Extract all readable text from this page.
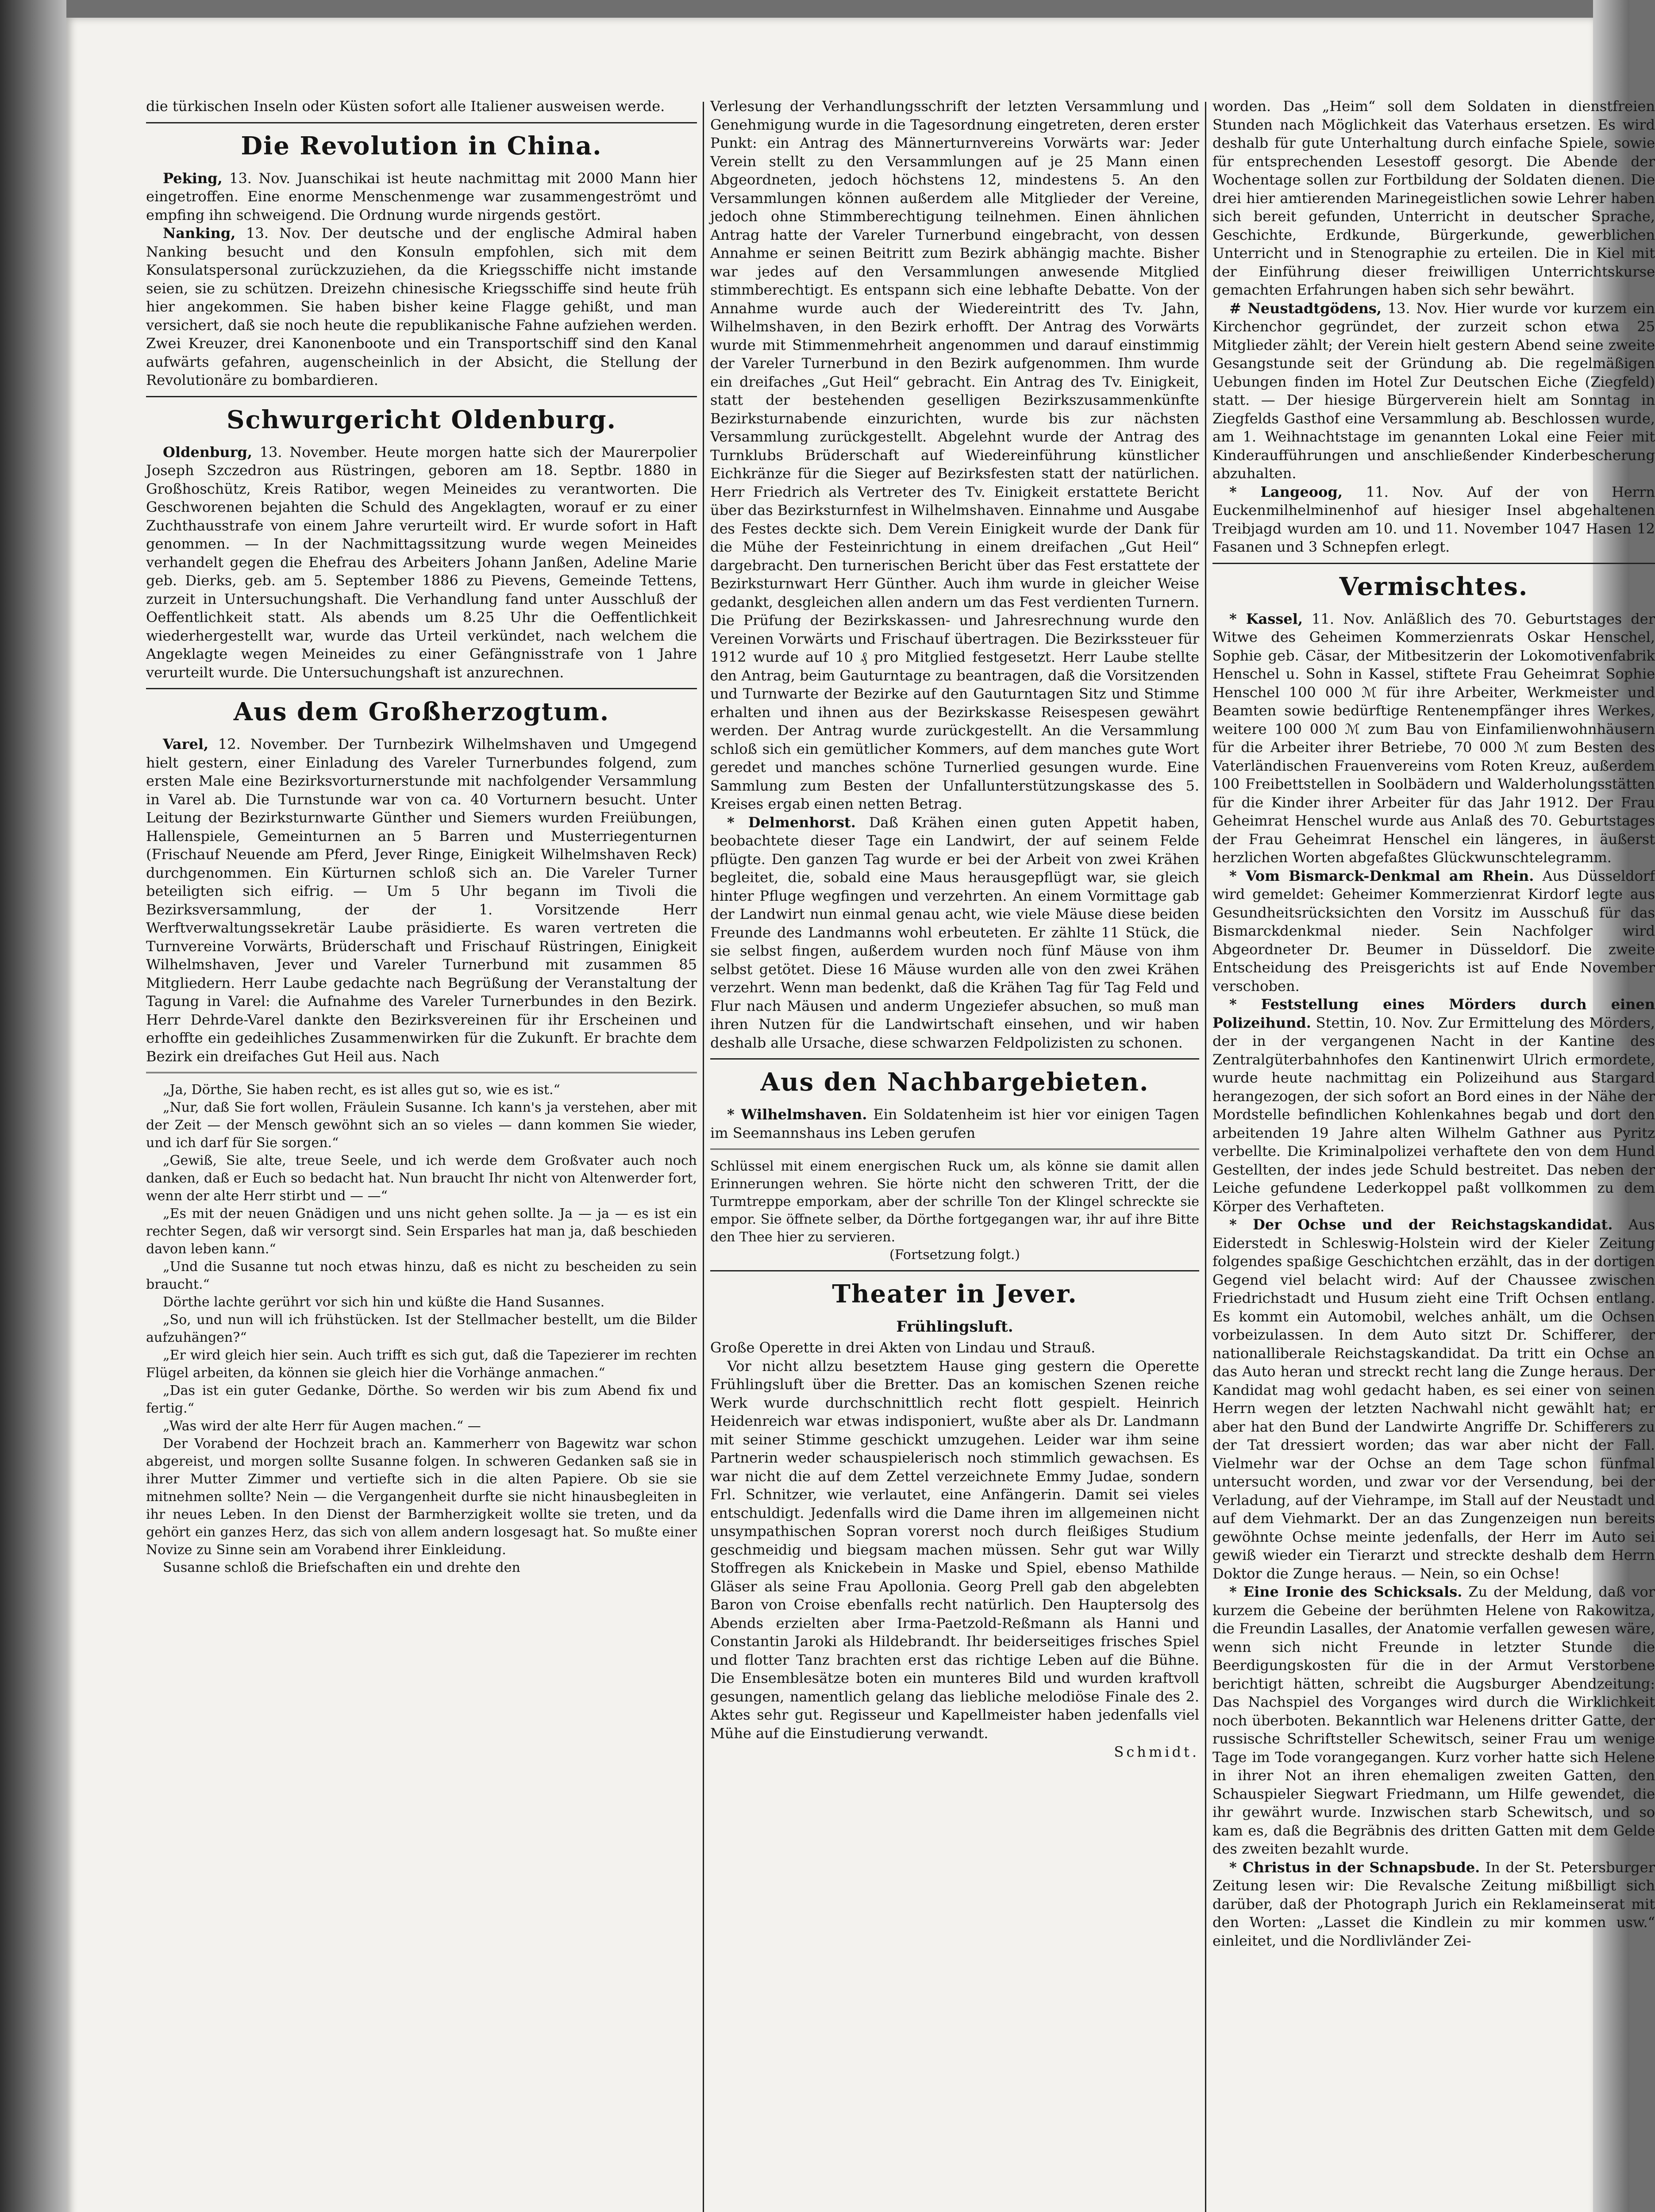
die türkischen Inseln oder Küsten sofort alle Italiener ausweisen werde.

Die Revolution in China.

Peking, 13. Nov. Juanschikai ist heute nachmittag mit 2000 Mann hier eingetroffen. Eine enorme Menschenmenge war zusammengeströmt und empfing ihn schweigend. Die Ordnung wurde nirgends gestört.

Nanking, 13. Nov. Der deutsche und der englische Admiral haben Nanking besucht und den Konsuln empfohlen, sich mit dem Konsulatspersonal zurückzuziehen, da die Kriegsschiffe nicht imstande seien, sie zu schützen. Dreizehn chinesische Kriegsschiffe sind heute früh hier angekommen. Sie haben bisher keine Flagge gehißt, und man versichert, daß sie noch heute die republikanische Fahne aufziehen werden. Zwei Kreuzer, drei Kanonenboote und ein Transportschiff sind den Kanal aufwärts gefahren, augenscheinlich in der Absicht, die Stellung der Revolutionäre zu bombardieren.

Schwurgericht Oldenburg.

Oldenburg, 13. November. Heute morgen hatte sich der Maurerpolier Joseph Szczedron aus Rüstringen, geboren am 18. Septbr. 1880 in Großhoschütz, Kreis Ratibor, wegen Meineides zu verantworten. Die Geschworenen bejahten die Schuld des Angeklagten, worauf er zu einer Zuchthausstrafe von einem Jahre verurteilt wird. Er wurde sofort in Haft genommen. — In der Nachmittagssitzung wurde wegen Meineides verhandelt gegen die Ehefrau des Arbeiters Johann Janßen, Adeline Marie geb. Dierks, geb. am 5. September 1886 zu Pievens, Gemeinde Tettens, zurzeit in Untersuchungshaft. Die Verhandlung fand unter Ausschluß der Oeffentlichkeit statt. Als abends um 8.25 Uhr die Oeffentlichkeit wiederhergestellt war, wurde das Urteil verkündet, nach welchem die Angeklagte wegen Meineides zu einer Gefängnisstrafe von 1 Jahre verurteilt wurde. Die Untersuchungshaft ist anzurechnen.

Aus dem Großherzogtum.

Varel, 12. November. Der Turnbezirk Wilhelmshaven und Umgegend hielt gestern, einer Einladung des Vareler Turnerbundes folgend, zum ersten Male eine Bezirksvorturnerstunde mit nachfolgender Versammlung in Varel ab. Die Turnstunde war von ca. 40 Vorturnern besucht. Unter Leitung der Bezirksturnwarte Günther und Siemers wurden Freiübungen, Hallenspiele, Gemeinturnen an 5 Barren und Musterriegenturnen (Frischauf Neuende am Pferd, Jever Ringe, Einigkeit Wilhelmshaven Reck) durchgenommen. Ein Kürturnen schloß sich an. Die Vareler Turner beteiligten sich eifrig. — Um 5 Uhr begann im Tivoli die Bezirksversammlung, der der 1. Vorsitzende Herr Werftverwaltungssekretär Laube präsidierte. Es waren vertreten die Turnvereine Vorwärts, Brüderschaft und Frischauf Rüstringen, Einigkeit Wilhelmshaven, Jever und Vareler Turnerbund mit zusammen 85 Mitgliedern. Herr Laube gedachte nach Begrüßung der Veranstaltung der Tagung in Varel: die Aufnahme des Vareler Turnerbundes in den Bezirk. Herr Dehrde-Varel dankte den Bezirksvereinen für ihr Erscheinen und erhoffte ein gedeihliches Zusammenwirken für die Zukunft. Er brachte dem Bezirk ein dreifaches Gut Heil aus. Nach

„Ja, Dörthe, Sie haben recht, es ist alles gut so, wie es ist.“

„Nur, daß Sie fort wollen, Fräulein Susanne. Ich kann's ja verstehen, aber mit der Zeit — der Mensch gewöhnt sich an so vieles — dann kommen Sie wieder, und ich darf für Sie sorgen.“

„Gewiß, Sie alte, treue Seele, und ich werde dem Großvater auch noch danken, daß er Euch so bedacht hat. Nun braucht Ihr nicht von Altenwerder fort, wenn der alte Herr stirbt und — —“

„Es mit der neuen Gnädigen und uns nicht gehen sollte. Ja — ja — es ist ein rechter Segen, daß wir versorgt sind. Sein Ersparles hat man ja, daß beschieden davon leben kann.“

„Und die Susanne tut noch etwas hinzu, daß es nicht zu bescheiden zu sein braucht.“

Dörthe lachte gerührt vor sich hin und küßte die Hand Susannes.

„So, und nun will ich frühstücken. Ist der Stellmacher bestellt, um die Bilder aufzuhängen?“

„Er wird gleich hier sein. Auch trifft es sich gut, daß die Tapezierer im rechten Flügel arbeiten, da können sie gleich hier die Vorhänge anmachen.“

„Das ist ein guter Gedanke, Dörthe. So werden wir bis zum Abend fix und fertig.“

„Was wird der alte Herr für Augen machen.“ —

Der Vorabend der Hochzeit brach an. Kammerherr von Bagewitz war schon abgereist, und morgen sollte Susanne folgen. In schweren Gedanken saß sie in ihrer Mutter Zimmer und vertiefte sich in die alten Papiere. Ob sie sie mitnehmen sollte? Nein — die Vergangenheit durfte sie nicht hinausbegleiten in ihr neues Leben. In den Dienst der Barmherzigkeit wollte sie treten, und da gehört ein ganzes Herz, das sich von allem andern losgesagt hat. So mußte einer Novize zu Sinne sein am Vorabend ihrer Einkleidung.

Susanne schloß die Briefschaften ein und drehte den

Verlesung der Verhandlungsschrift der letzten Versammlung und Genehmigung wurde in die Tagesordnung eingetreten, deren erster Punkt: ein Antrag des Männerturnvereins Vorwärts war: Jeder Verein stellt zu den Versammlungen auf je 25 Mann einen Abgeordneten, jedoch höchstens 12, mindestens 5. An den Versammlungen können außerdem alle Mitglieder der Vereine, jedoch ohne Stimmberechtigung teilnehmen. Einen ähnlichen Antrag hatte der Vareler Turnerbund eingebracht, von dessen Annahme er seinen Beitritt zum Bezirk abhängig machte. Bisher war jedes auf den Versammlungen anwesende Mitglied stimmberechtigt. Es entspann sich eine lebhafte Debatte. Von der Annahme wurde auch der Wiedereintritt des Tv. Jahn, Wilhelmshaven, in den Bezirk erhofft. Der Antrag des Vorwärts wurde mit Stimmenmehrheit angenommen und darauf einstimmig der Vareler Turnerbund in den Bezirk aufgenommen. Ihm wurde ein dreifaches „Gut Heil“ gebracht. Ein Antrag des Tv. Einigkeit, statt der bestehenden geselligen Bezirkszusammenkünfte Bezirksturnabende einzurichten, wurde bis zur nächsten Versammlung zurückgestellt. Abgelehnt wurde der Antrag des Turnklubs Brüderschaft auf Wiedereinführung künstlicher Eichkränze für die Sieger auf Bezirksfesten statt der natürlichen. Herr Friedrich als Vertreter des Tv. Einigkeit erstattete Bericht über das Bezirksturnfest in Wilhelmshaven. Einnahme und Ausgabe des Festes deckte sich. Dem Verein Einigkeit wurde der Dank für die Mühe der Festeinrichtung in einem dreifachen „Gut Heil“ dargebracht. Den turnerischen Bericht über das Fest erstattete der Bezirksturnwart Herr Günther. Auch ihm wurde in gleicher Weise gedankt, desgleichen allen andern um das Fest verdienten Turnern. Die Prüfung der Bezirkskassen- und Jahresrechnung wurde den Vereinen Vorwärts und Frischauf übertragen. Die Bezirkssteuer für 1912 wurde auf 10 ₰ pro Mitglied festgesetzt. Herr Laube stellte den Antrag, beim Gauturntage zu beantragen, daß die Vorsitzenden und Turnwarte der Bezirke auf den Gauturntagen Sitz und Stimme erhalten und ihnen aus der Bezirkskasse Reisespesen gewährt werden. Der Antrag wurde zurückgestellt. An die Versammlung schloß sich ein gemütlicher Kommers, auf dem manches gute Wort geredet und manches schöne Turnerlied gesungen wurde. Eine Sammlung zum Besten der Unfallunterstützungskasse des 5. Kreises ergab einen netten Betrag.

* Delmenhorst. Daß Krähen einen guten Appetit haben, beobachtete dieser Tage ein Landwirt, der auf seinem Felde pflügte. Den ganzen Tag wurde er bei der Arbeit von zwei Krähen begleitet, die, sobald eine Maus herausgepflügt war, sie gleich hinter Pfluge wegfingen und verzehrten. An einem Vormittage gab der Landwirt nun einmal genau acht, wie viele Mäuse diese beiden Freunde des Landmanns wohl erbeuteten. Er zählte 11 Stück, die sie selbst fingen, außerdem wurden noch fünf Mäuse von ihm selbst getötet. Diese 16 Mäuse wurden alle von den zwei Krähen verzehrt. Wenn man bedenkt, daß die Krähen Tag für Tag Feld und Flur nach Mäusen und anderm Ungeziefer absuchen, so muß man ihren Nutzen für die Landwirtschaft einsehen, und wir haben deshalb alle Ursache, diese schwarzen Feldpolizisten zu schonen.

Aus den Nachbargebieten.

* Wilhelmshaven. Ein Soldatenheim ist hier vor einigen Tagen im Seemannshaus ins Leben gerufen

Schlüssel mit einem energischen Ruck um, als könne sie damit allen Erinnerungen wehren. Sie hörte nicht den schweren Tritt, der die Turmtreppe emporkam, aber der schrille Ton der Klingel schreckte sie empor. Sie öffnete selber, da Dörthe fortgegangen war, ihr auf ihre Bitte den Thee hier zu servieren.

(Fortsetzung folgt.)

Theater in Jever.
Frühlingsluft.

Große Operette in drei Akten von Lindau und Strauß.

Vor nicht allzu besetztem Hause ging gestern die Operette Frühlingsluft über die Bretter. Das an komischen Szenen reiche Werk wurde durchschnittlich recht flott gespielt. Heinrich Heidenreich war etwas indisponiert, wußte aber als Dr. Landmann mit seiner Stimme geschickt umzugehen. Leider war ihm seine Partnerin weder schauspielerisch noch stimmlich gewachsen. Es war nicht die auf dem Zettel verzeichnete Emmy Judae, sondern Frl. Schnitzer, wie verlautet, eine Anfängerin. Damit sei vieles entschuldigt. Jedenfalls wird die Dame ihren im allgemeinen nicht unsympathischen Sopran vorerst noch durch fleißiges Studium geschmeidig und biegsam machen müssen. Sehr gut war Willy Stoffregen als Knickebein in Maske und Spiel, ebenso Mathilde Gläser als seine Frau Apollonia. Georg Prell gab den abgelebten Baron von Croise ebenfalls recht natürlich. Den Hauptersolg des Abends erzielten aber Irma-Paetzold-Reßmann als Hanni und Constantin Jaroki als Hildebrandt. Ihr beiderseitiges frisches Spiel und flotter Tanz brachten erst das richtige Leben auf die Bühne. Die Ensemblesätze boten ein munteres Bild und wurden kraftvoll gesungen, namentlich gelang das liebliche melodiöse Finale des 2. Aktes sehr gut. Regisseur und Kapellmeister haben jedenfalls viel Mühe auf die Einstudierung verwandt.

Schmidt.

worden. Das „Heim“ soll dem Soldaten in dienstfreien Stunden nach Möglichkeit das Vaterhaus ersetzen. Es wird deshalb für gute Unterhaltung durch einfache Spiele, sowie für entsprechenden Lesestoff gesorgt. Die Abende der Wochentage sollen zur Fortbildung der Soldaten dienen. Die drei hier amtierenden Marinegeistlichen sowie Lehrer haben sich bereit gefunden, Unterricht in deutscher Sprache, Geschichte, Erdkunde, Bürgerkunde, gewerblichen Unterricht und in Stenographie zu erteilen. Die in Kiel mit der Einführung dieser freiwilligen Unterrichtskurse gemachten Erfahrungen haben sich sehr bewährt.

# Neustadtgödens, 13. Nov. Hier wurde vor kurzem ein Kirchenchor gegründet, der zurzeit schon etwa 25 Mitglieder zählt; der Verein hielt gestern Abend seine zweite Gesangstunde seit der Gründung ab. Die regelmäßigen Uebungen finden im Hotel Zur Deutschen Eiche (Ziegfeld) statt. — Der hiesige Bürgerverein hielt am Sonntag in Ziegfelds Gasthof eine Versammlung ab. Beschlossen wurde, am 1. Weihnachtstage im genannten Lokal eine Feier mit Kinderaufführungen und anschließender Kinderbescherung abzuhalten.

* Langeoog, 11. Nov. Auf der von Herrn Euckenmilhelminenhof auf hiesiger Insel abgehaltenen Treibjagd wurden am 10. und 11. November 1047 Hasen 12 Fasanen und 3 Schnepfen erlegt.

Vermischtes.

* Kassel, 11. Nov. Anläßlich des 70. Geburtstages der Witwe des Geheimen Kommerzienrats Oskar Henschel, Sophie geb. Cäsar, der Mitbesitzerin der Lokomotivenfabrik Henschel u. Sohn in Kassel, stiftete Frau Geheimrat Sophie Henschel 100 000 ℳ für ihre Arbeiter, Werkmeister und Beamten sowie bedürftige Rentenempfänger ihres Werkes, weitere 100 000 ℳ zum Bau von Einfamilienwohnhäusern für die Arbeiter ihrer Betriebe, 70 000 ℳ zum Besten des Vaterländischen Frauenvereins vom Roten Kreuz, außerdem 100 Freibettstellen in Soolbädern und Walderholungsstätten für die Kinder ihrer Arbeiter für das Jahr 1912. Der Frau Geheimrat Henschel wurde aus Anlaß des 70. Geburtstages der Frau Geheimrat Henschel ein längeres, in äußerst herzlichen Worten abgefaßtes Glückwunschtelegramm.

* Vom Bismarck-Denkmal am Rhein. Aus Düsseldorf wird gemeldet: Geheimer Kommerzienrat Kirdorf legte aus Gesundheitsrücksichten den Vorsitz im Ausschuß für das Bismarckdenkmal nieder. Sein Nachfolger wird Abgeordneter Dr. Beumer in Düsseldorf. Die zweite Entscheidung des Preisgerichts ist auf Ende November verschoben.

* Feststellung eines Mörders durch einen Polizeihund. Stettin, 10. Nov. Zur Ermittelung des Mörders, der in der vergangenen Nacht in der Kantine des Zentralgüterbahnhofes den Kantinenwirt Ulrich ermordete, wurde heute nachmittag ein Polizeihund aus Stargard herangezogen, der sich sofort an Bord eines in der Nähe der Mordstelle befindlichen Kohlenkahnes begab und dort den arbeitenden 19 Jahre alten Wilhelm Gathner aus Pyritz verbellte. Die Kriminalpolizei verhaftete den von dem Hund Gestellten, der indes jede Schuld bestreitet. Das neben der Leiche gefundene Lederkoppel paßt vollkommen zu dem Körper des Verhafteten.

* Der Ochse und der Reichstagskandidat. Aus Eiderstedt in Schleswig-Holstein wird der Kieler Zeitung folgendes spaßige Geschichtchen erzählt, das in der dortigen Gegend viel belacht wird: Auf der Chaussee zwischen Friedrichstadt und Husum zieht eine Trift Ochsen entlang. Es kommt ein Automobil, welches anhält, um die Ochsen vorbeizulassen. In dem Auto sitzt Dr. Schifferer, der nationalliberale Reichstagskandidat. Da tritt ein Ochse an das Auto heran und streckt recht lang die Zunge heraus. Der Kandidat mag wohl gedacht haben, es sei einer von seinen Herrn wegen der letzten Nachwahl nicht gewählt hat; er aber hat den Bund der Landwirte Angriffe Dr. Schifferers zu der Tat dressiert worden; das war aber nicht der Fall. Vielmehr war der Ochse an dem Tage schon fünfmal untersucht worden, und zwar vor der Versendung, bei der Verladung, auf der Viehrampe, im Stall auf der Neustadt und auf dem Viehmarkt. Der an das Zungenzeigen nun bereits gewöhnte Ochse meinte jedenfalls, der Herr im Auto sei gewiß wieder ein Tierarzt und streckte deshalb dem Herrn Doktor die Zunge heraus. — Nein, so ein Ochse!

* Eine Ironie des Schicksals. Zu der Meldung, daß vor kurzem die Gebeine der berühmten Helene von Rakowitza, die Freundin Lasalles, der Anatomie verfallen gewesen wäre, wenn sich nicht Freunde in letzter Stunde die Beerdigungskosten für die in der Armut Verstorbene berichtigt hätten, schreibt die Augsburger Abendzeitung: Das Nachspiel des Vorganges wird durch die Wirklichkeit noch überboten. Bekanntlich war Helenens dritter Gatte, der russische Schriftsteller Schewitsch, seiner Frau um wenige Tage im Tode vorangegangen. Kurz vorher hatte sich Helene in ihrer Not an ihren ehemaligen zweiten Gatten, den Schauspieler Siegwart Friedmann, um Hilfe gewendet, die ihr gewährt wurde. Inzwischen starb Schewitsch, und so kam es, daß die Begräbnis des dritten Gatten mit dem Gelde des zweiten bezahlt wurde.

* Christus in der Schnapsbude. In der St. Petersburger Zeitung lesen wir: Die Revalsche Zeitung mißbilligt sich darüber, daß der Photograph Jurich ein Reklameinserat mit den Worten: „Lasset die Kindlein zu mir kommen usw.“ einleitet, und die Nordlivländer Zei-
